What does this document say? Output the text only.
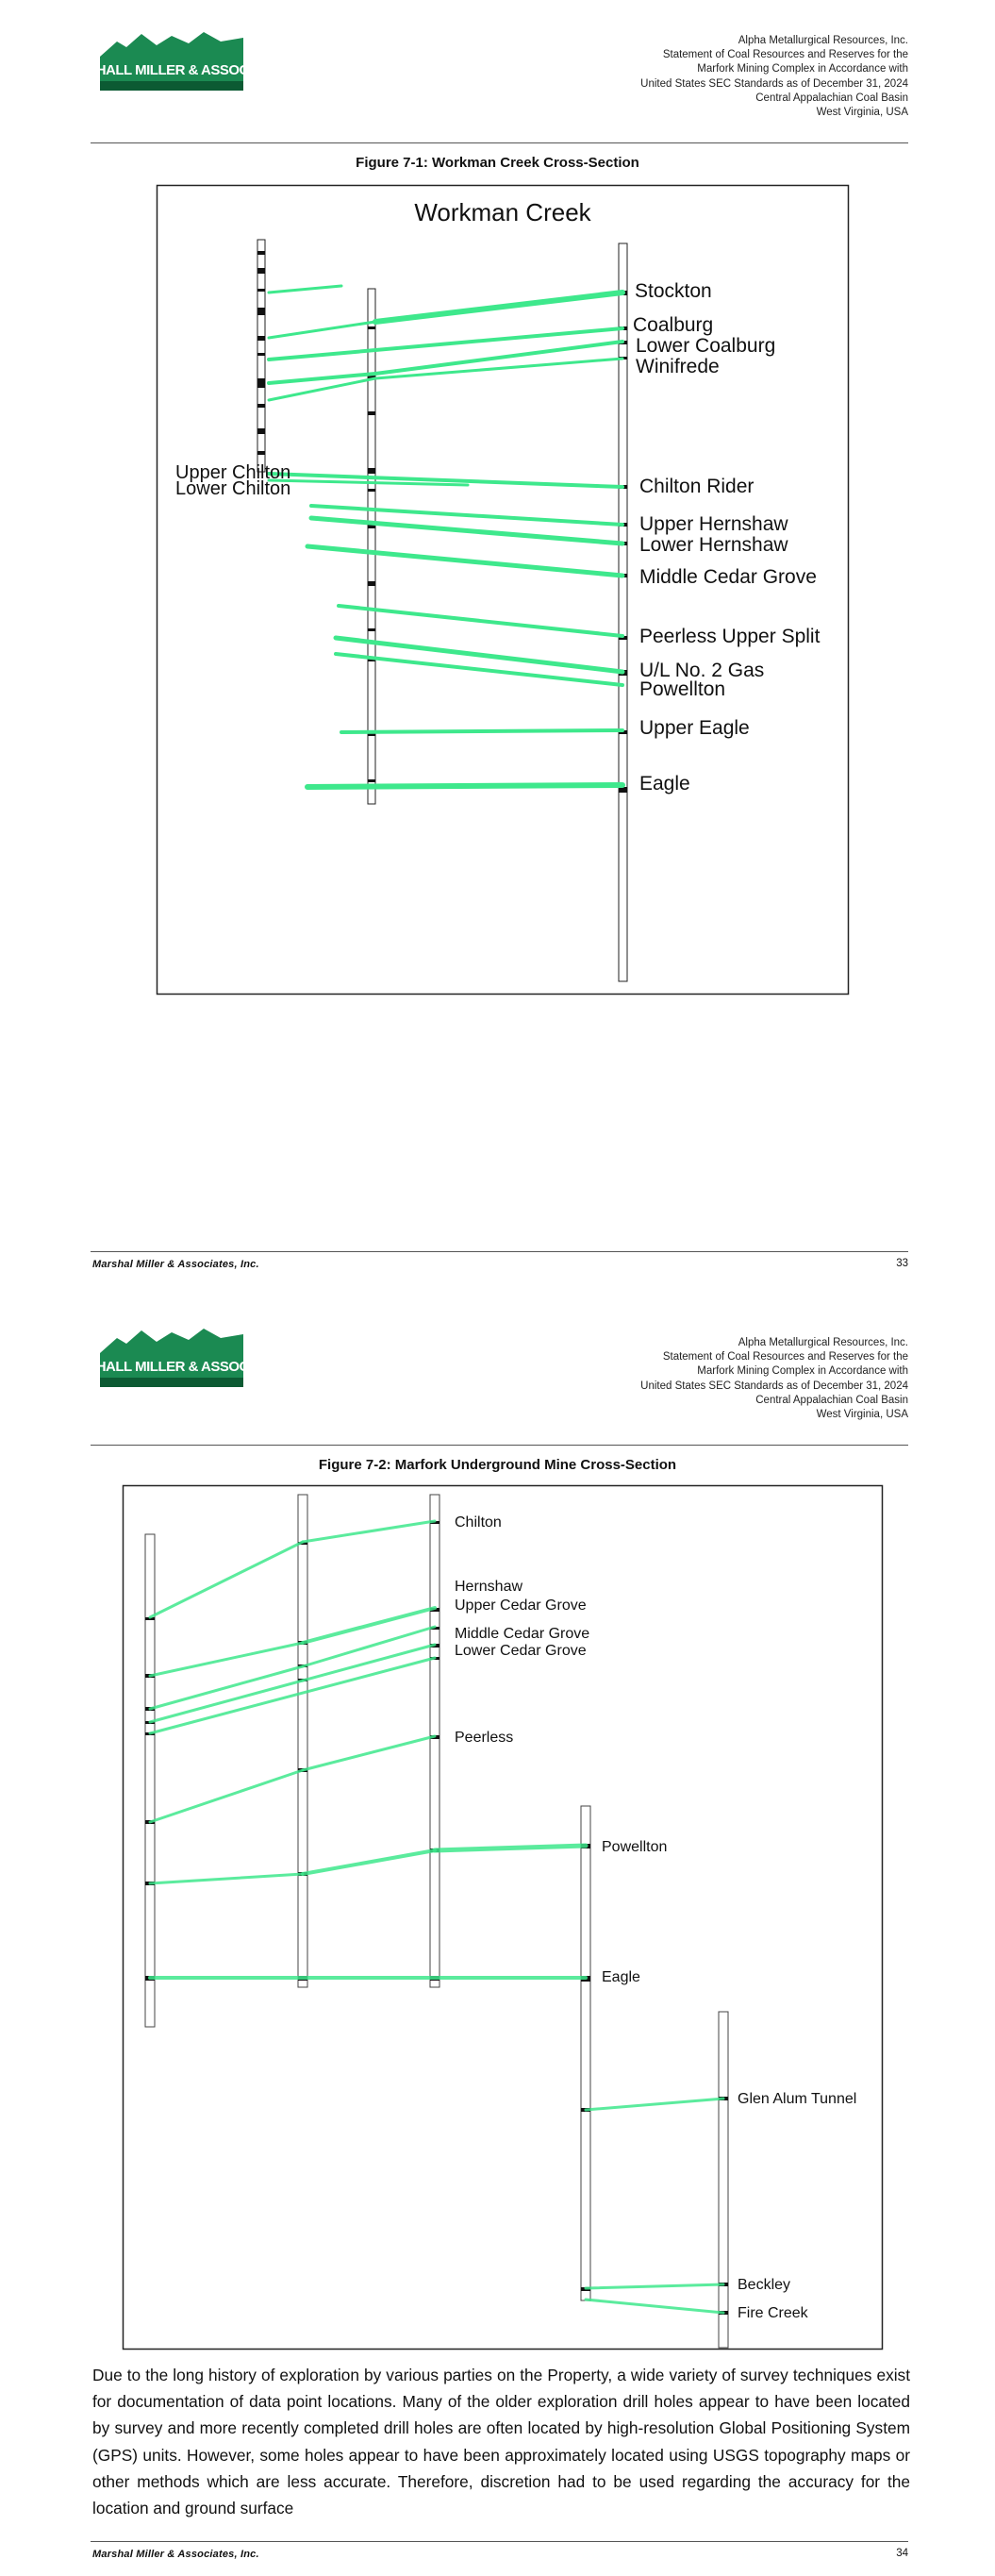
MARSHALL MILLER & ASSOCIATES
Alpha Metallurgical Resources, Inc.
Statement of Coal Resources and Reserves for the
Marfork Mining Complex in Accordance with
United States SEC Standards as of December 31, 2024
Central Appalachian Coal Basin
West Virginia, USA
Figure 7-1: Workman Creek Cross-Section
Workman Creek
Upper Chilton
Lower Chilton
Stockton
Coalburg
Lower Coalburg
Winifrede
Chilton Rider
Upper Hernshaw
Lower Hernshaw
Middle Cedar Grove
Peerless Upper Split
U/L No. 2 Gas
Powellton
Upper Eagle
Eagle
Marshal Miller & Associates, Inc.	33
MARSHALL MILLER & ASSOCIATES
Alpha Metallurgical Resources, Inc.
Statement of Coal Resources and Reserves for the
Marfork Mining Complex in Accordance with
United States SEC Standards as of December 31, 2024
Central Appalachian Coal Basin
West Virginia, USA
Figure 7-2: Marfork Underground Mine Cross-Section
Chilton
Hernshaw
Upper Cedar Grove
Middle Cedar Grove
Lower Cedar Grove
Peerless
Powellton
Eagle
Glen Alum Tunnel
Beckley
Fire Creek
Due to the long history of exploration by various parties on the Property, a wide variety of survey techniques exist for documentation of data point locations. Many of the older exploration drill holes appear to have been located by survey and more recently completed drill holes are often located by high-resolution Global Positioning System (GPS) units. However, some holes appear to have been approximately located using USGS topography maps or other methods which are less accurate. Therefore, discretion had to be used regarding the accuracy for the location and ground surface
Marshal Miller & Associates, Inc.	34
